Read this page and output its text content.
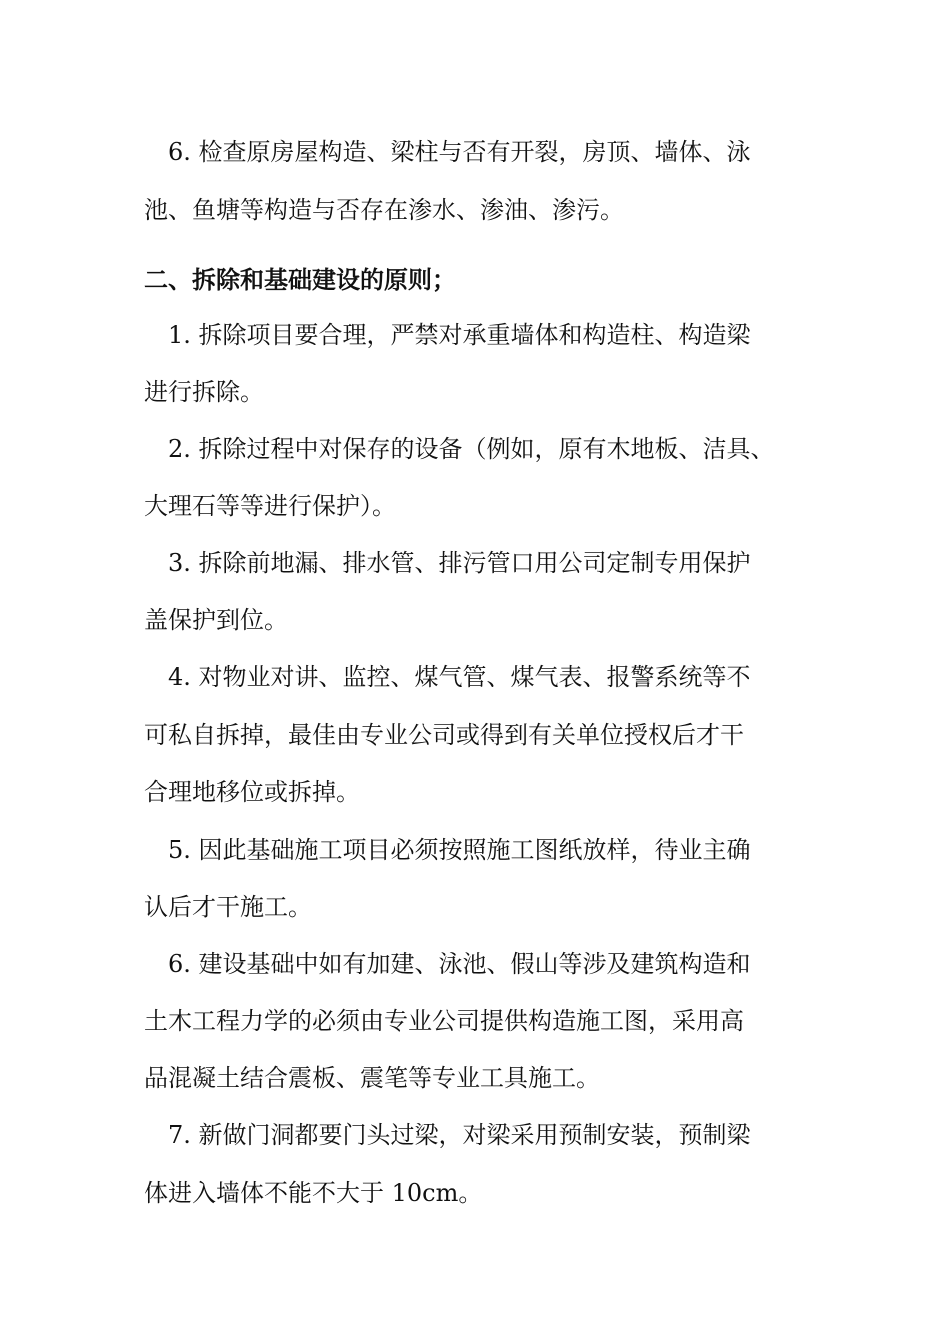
6. 检查原房屋构造、梁柱与否有开裂，房顶、墙体、泳
池、鱼塘等构造与否存在渗水、渗油、渗污。
二、拆除和基础建设的原则；
1. 拆除项目要合理，严禁对承重墙体和构造柱、构造梁
进行拆除。
2. 拆除过程中对保存的设备（例如，原有木地板、洁具、
大理石等等进行保护）。
3. 拆除前地漏、排水管、排污管口用公司定制专用保护
盖保护到位。
4. 对物业对讲、监控、煤气管、煤气表、报警系统等不
可私自拆掉，最佳由专业公司或得到有关单位授权后才干
合理地移位或拆掉。
5. 因此基础施工项目必须按照施工图纸放样，待业主确
认后才干施工。
6. 建设基础中如有加建、泳池、假山等涉及建筑构造和
土木工程力学的必须由专业公司提供构造施工图，采用高
品混凝土结合震板、震笔等专业工具施工。
7. 新做门洞都要门头过梁，对梁采用预制安装，预制梁
体进入墙体不能不大于 10cm。
